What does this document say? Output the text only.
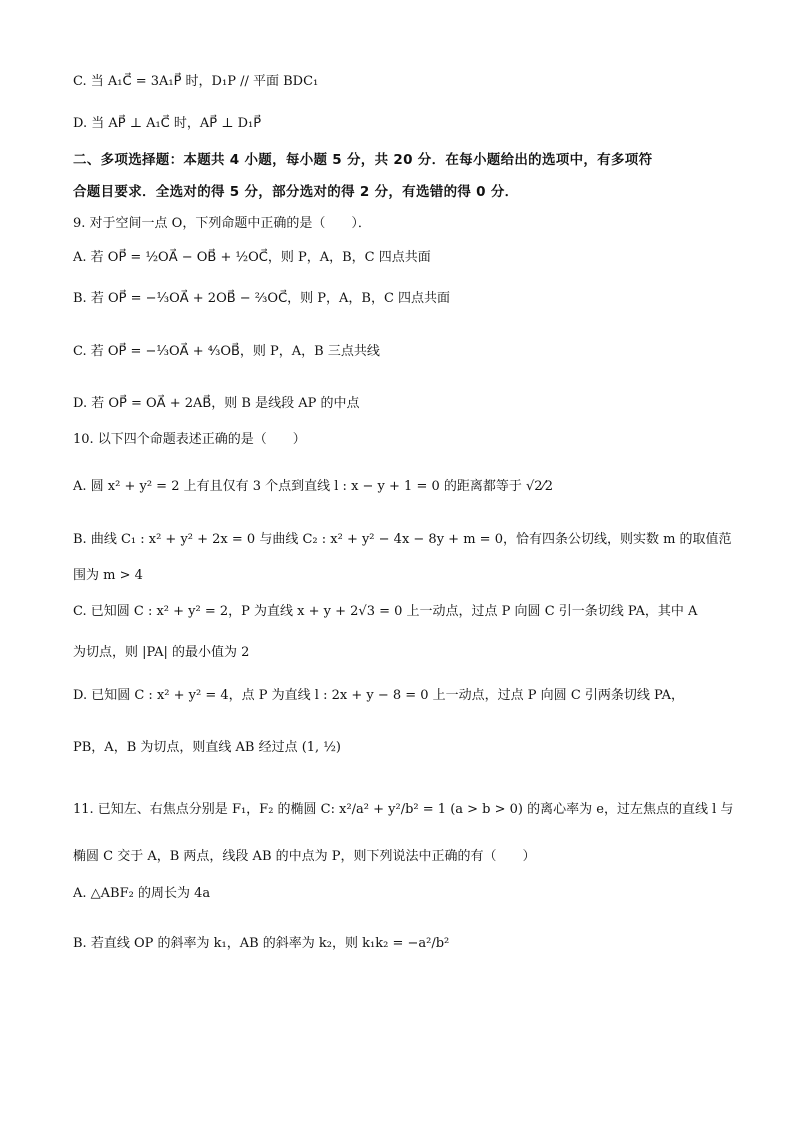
C. 当 A₁C⃗ = 3A₁P⃗ 时，D₁P // 平面 BDC₁
D. 当 AP⃗ ⊥ A₁C⃗ 时，AP⃗ ⊥ D₁P⃗
二、多项选择题：本题共 4 小题，每小题 5 分，共 20 分．在每小题给出的选项中，有多项符
合题目要求．全选对的得 5 分，部分选对的得 2 分，有选错的得 0 分．
9. 对于空间一点 O，下列命题中正确的是（　　）．
A. 若 OP⃗ = ½OA⃗ − OB⃗ + ½OC⃗，则 P，A，B，C 四点共面
B. 若 OP⃗ = −⅓OA⃗ + 2OB⃗ − ⅔OC⃗，则 P，A，B，C 四点共面
C. 若 OP⃗ = −⅓OA⃗ + ⁴⁄₃OB⃗，则 P，A，B 三点共线
D. 若 OP⃗ = OA⃗ + 2AB⃗，则 B 是线段 AP 的中点
10. 以下四个命题表述正确的是（　　）
A. 圆 x² + y² = 2 上有且仅有 3 个点到直线 l : x − y + 1 = 0 的距离都等于 √2⁄2
B. 曲线 C₁ : x² + y² + 2x = 0 与曲线 C₂ : x² + y² − 4x − 8y + m = 0，恰有四条公切线，则实数 m 的取值范
围为 m > 4
C. 已知圆 C : x² + y² = 2，P 为直线 x + y + 2√3 = 0 上一动点，过点 P 向圆 C 引一条切线 PA，其中 A
为切点，则 |PA| 的最小值为 2
D. 已知圆 C : x² + y² = 4，点 P 为直线 l : 2x + y − 8 = 0 上一动点，过点 P 向圆 C 引两条切线 PA，
PB，A，B 为切点，则直线 AB 经过点 (1, ½)
11. 已知左、右焦点分别是 F₁，F₂ 的椭圆 C: x²/a² + y²/b² = 1 (a > b > 0) 的离心率为 e，过左焦点的直线 l 与
椭圆 C 交于 A，B 两点，线段 AB 的中点为 P，则下列说法中正确的有（　　）
A. △ABF₂ 的周长为 4a
B. 若直线 OP 的斜率为 k₁，AB 的斜率为 k₂，则 k₁k₂ = −a²/b²
